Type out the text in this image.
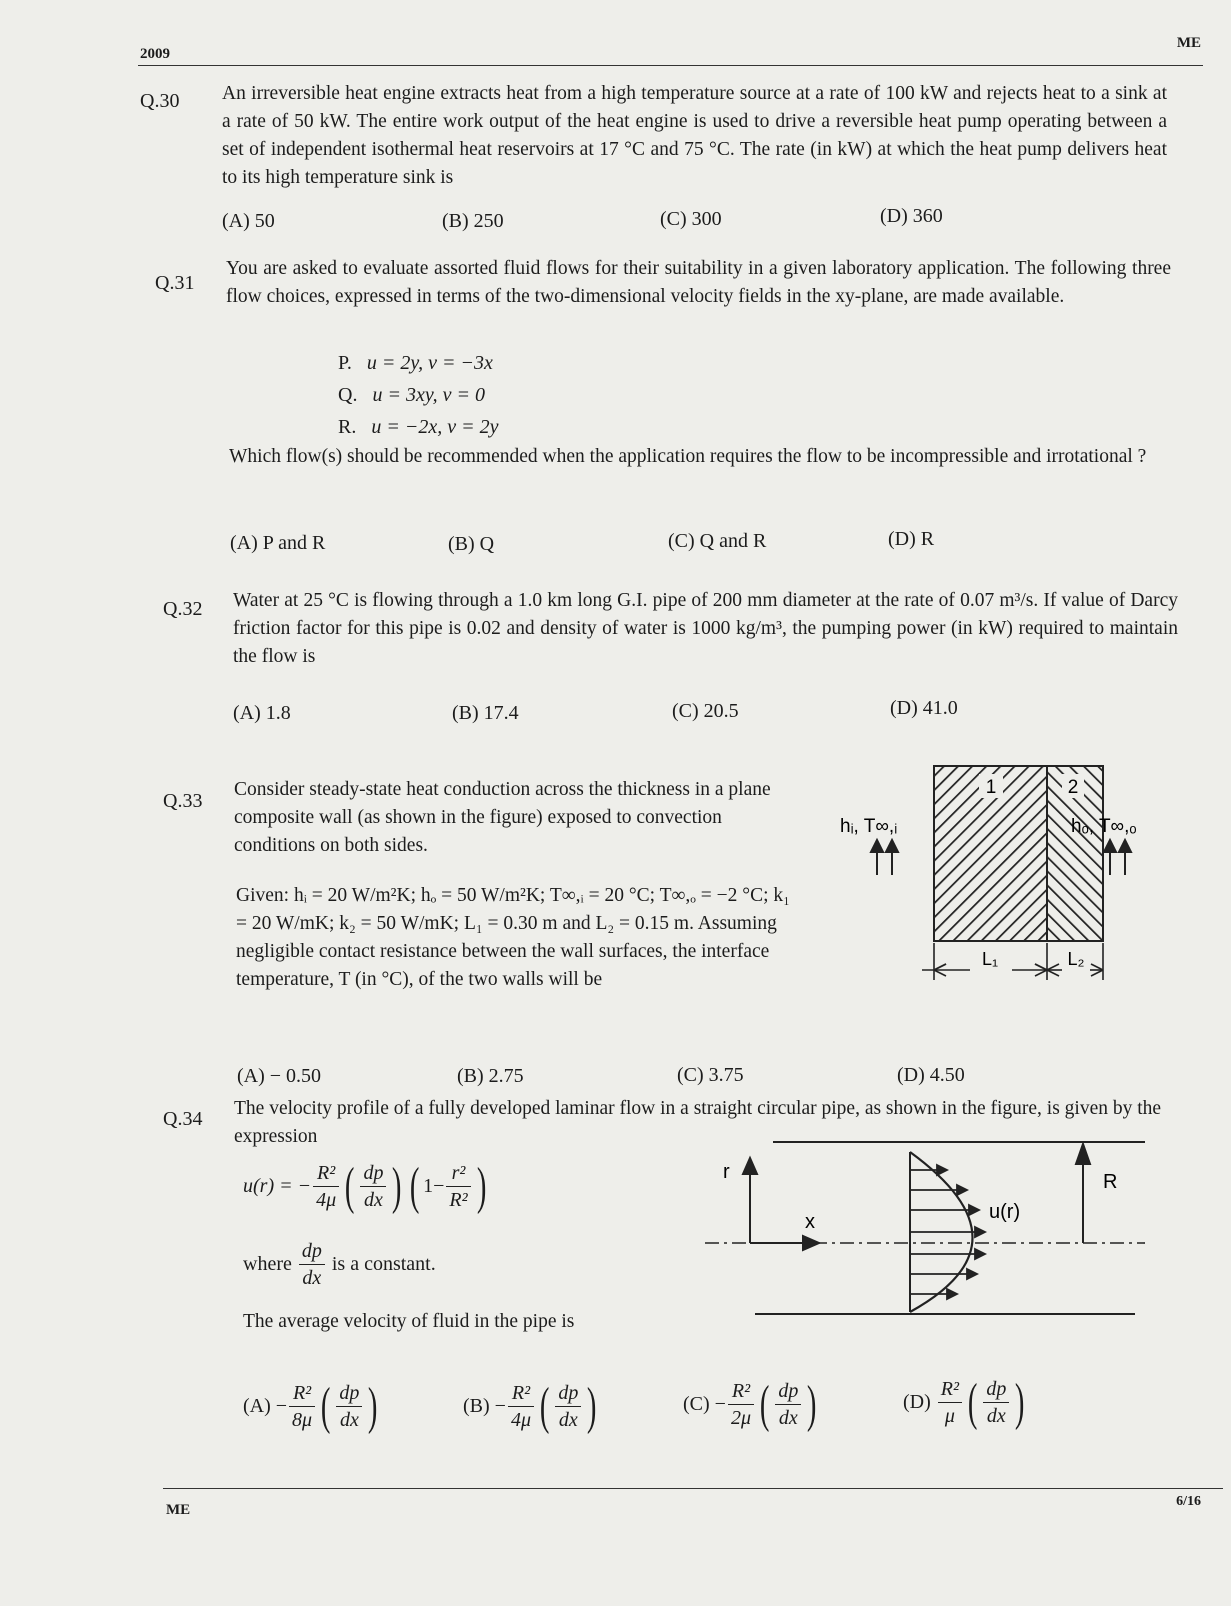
2009
ME
Q.30 An irreversible heat engine extracts heat from a high temperature source at a rate of 100 kW and rejects heat to a sink at a rate of 50 kW. The entire work output of the heat engine is used to drive a reversible heat pump operating between a set of independent isothermal heat reservoirs at 17 °C and 75 °C. The rate (in kW) at which the heat pump delivers heat to its high temperature sink is
(A) 50	(B) 250	(C) 300	(D) 360
Q.31
You are asked to evaluate assorted fluid flows for their suitability in a given laboratory application. The following three flow choices, expressed in terms of the two-dimensional velocity fields in the xy-plane, are made available.
P. u = 2y, v = −3x
Q. u = 3xy, v = 0
R. u = −2x, v = 2y
Which flow(s) should be recommended when the application requires the flow to be incompressible and irrotational ?
(A) P and R	(B) Q	(C) Q and R	(D) R
Q.32 Water at 25 °C is flowing through a 1.0 km long G.I. pipe of 200 mm diameter at the rate of 0.07 m³/s. If value of Darcy friction factor for this pipe is 0.02 and density of water is 1000 kg/m³, the pumping power (in kW) required to maintain the flow is
(A) 1.8	(B) 17.4	(C) 20.5	(D) 41.0
Q.33
Consider steady-state heat conduction across the thickness in a plane composite wall (as shown in the figure) exposed to convection conditions on both sides.
Given: hᵢ = 20 W/m²K; hₒ = 50 W/m²K; T∞,ᵢ = 20 °C; T∞,ₒ = −2 °C; k₁ = 20 W/mK; k₂ = 50 W/mK; L₁ = 0.30 m and L₂ = 0.15 m. Assuming negligible contact resistance between the wall surfaces, the interface temperature, T (in °C), of the two walls will be
(A) − 0.50	(B) 2.75	(C) 3.75	(D) 4.50
1	2
hᵢ, T∞,ᵢ	hₒ, T∞,ₒ
L₁	L₂
Q.34 The velocity profile of a fully developed laminar flow in a straight circular pipe, as shown in the figure, is given by the expression
u(r) = − $\frac{\text{R²}}{4\mu}$ ( $\frac{dp}{dx}$ ) ( $1- \frac{\text{r²}}{\text{R²}}$ )
where
$\frac{dp}{dx}$
is a constant.
The average velocity of fluid in the pipe is
(A)
− $\frac{\text{R²}}{8\mu}$ ( $\frac{dp}{dx}$ )	(B)
− $\frac{\text{R²}}{4\mu}$ ( $\frac{dp}{dx}$ )	(C)
− $\frac{\text{R²}}{2\mu}$ ( $\frac{dp}{dx}$ )	(D)
$\frac{\text{R²}}{\mu}$ ( $\frac{dp}{dx}$ )
r
x	u(r)
R
ME
6/16
